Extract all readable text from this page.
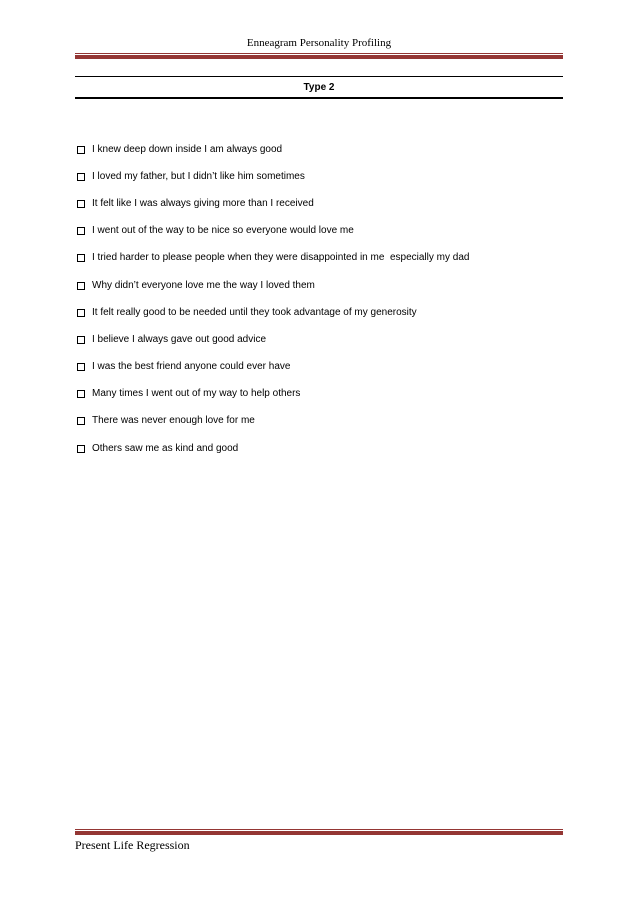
Enneagram Personality Profiling
Type 2
I knew deep down inside I am always good
I loved my father, but I didn’t like him sometimes
It felt like I was always giving more than I received
I went out of the way to be nice so everyone would love me
I tried harder to please people when they were disappointed in me  especially my dad
Why didn’t everyone love me the way I loved them
It felt really good to be needed until they took advantage of my generosity
I believe I always gave out good advice
I was the best friend anyone could ever have
Many times I went out of my way to help others
There was never enough love for me
Others saw me as kind and good
Present Life Regression
